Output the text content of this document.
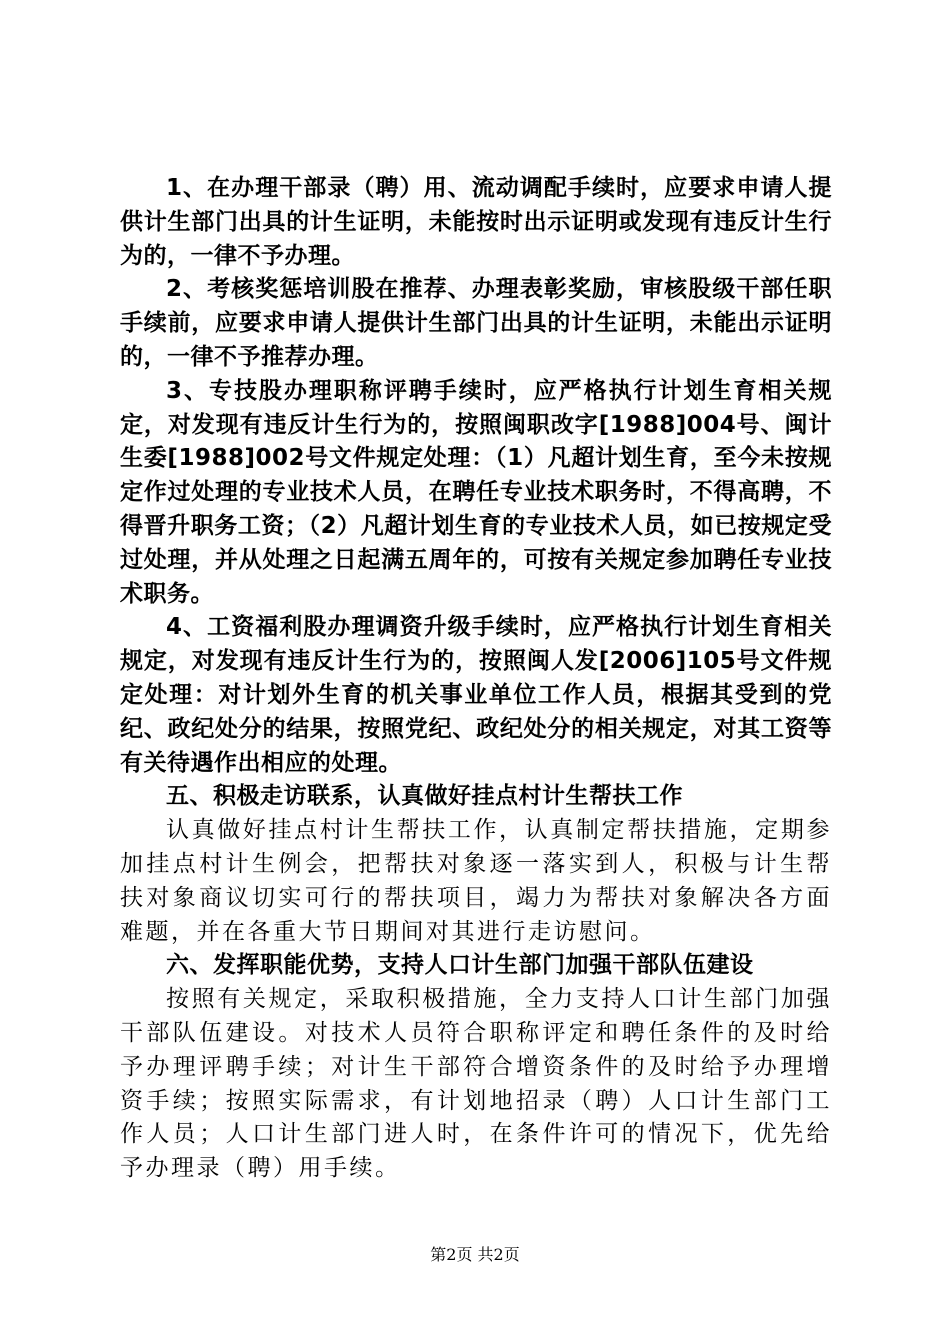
1、在办理干部录（聘）用、流动调配手续时，应要求申请人提供计生部门出具的计生证明，未能按时出示证明或发现有违反计生行为的，一律不予办理。

2、考核奖惩培训股在推荐、办理表彰奖励，审核股级干部任职手续前，应要求申请人提供计生部门出具的计生证明，未能出示证明的，一律不予推荐办理。

3、专技股办理职称评聘手续时，应严格执行计划生育相关规定，对发现有违反计生行为的，按照闽职改字[1988]004号、闽计生委[1988]002号文件规定处理：（1）凡超计划生育，至今未按规定作过处理的专业技术人员，在聘任专业技术职务时，不得高聘，不得晋升职务工资；（2）凡超计划生育的专业技术人员，如已按规定受过处理，并从处理之日起满五周年的，可按有关规定参加聘任专业技术职务。

4、工资福利股办理调资升级手续时，应严格执行计划生育相关规定，对发现有违反计生行为的，按照闽人发[2006]105号文件规定处理：对计划外生育的机关事业单位工作人员，根据其受到的党纪、政纪处分的结果，按照党纪、政纪处分的相关规定，对其工资等有关待遇作出相应的处理。

五、积极走访联系，认真做好挂点村计生帮扶工作

认真做好挂点村计生帮扶工作，认真制定帮扶措施，定期参加挂点村计生例会，把帮扶对象逐一落实到人，积极与计生帮扶对象商议切实可行的帮扶项目，竭力为帮扶对象解决各方面难题，并在各重大节日期间对其进行走访慰问。

六、发挥职能优势，支持人口计生部门加强干部队伍建设

按照有关规定，采取积极措施，全力支持人口计生部门加强干部队伍建设。对技术人员符合职称评定和聘任条件的及时给予办理评聘手续；对计生干部符合增资条件的及时给予办理增资手续；按照实际需求，有计划地招录（聘）人口计生部门工作人员；人口计生部门进人时，在条件许可的情况下，优先给予办理录（聘）用手续。

第2页 共2页
